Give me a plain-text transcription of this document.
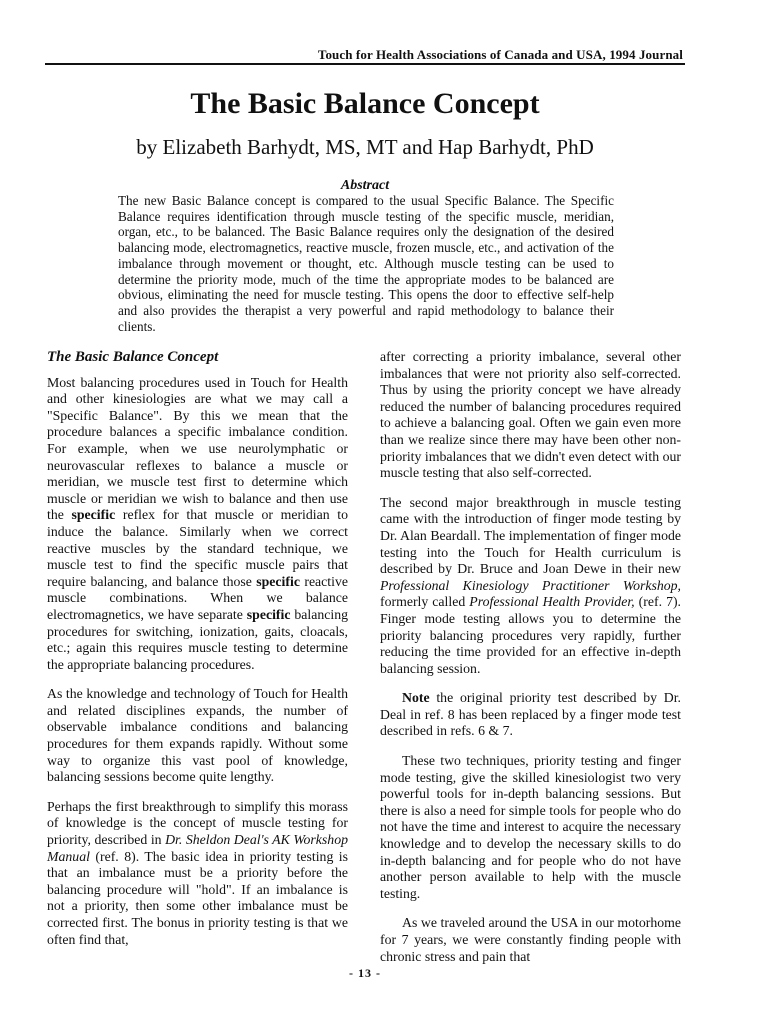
Touch for Health Associations of Canada and USA, 1994 Journal
The Basic Balance Concept
by Elizabeth Barhydt, MS, MT and Hap Barhydt, PhD
Abstract

The new Basic Balance concept is compared to the usual Specific Balance. The Specific Balance requires identification through muscle testing of the specific muscle, meridian, organ, etc., to be balanced. The Basic Balance requires only the designation of the desired balancing mode, electromagnetics, reactive muscle, frozen muscle, etc., and activation of the imbalance through movement or thought, etc. Although muscle testing can be used to determine the priority mode, much of the time the appropriate modes to be balanced are obvious, eliminating the need for muscle testing. This opens the door to effective self-help and also provides the therapist a very powerful and rapid methodology to balance their clients.

The Basic Balance Concept

Most balancing procedures used in Touch for Health and other kinesiologies are what we may call a "Specific Balance". By this we mean that the procedure balances a specific imbalance condition. For example, when we use neurolymphatic or neurovascular reflexes to balance a muscle or meridian, we muscle test first to determine which muscle or meridian we wish to balance and then use the specific reflex for that muscle or meridian to induce the balance. Similarly when we correct reactive muscles by the standard technique, we muscle test to find the specific muscle pairs that require balancing, and balance those specific reactive muscle combinations. When we balance electromagnetics, we have separate specific balancing procedures for switching, ionization, gaits, cloacals, etc.; again this requires muscle testing to determine the appropriate balancing procedures.

As the knowledge and technology of Touch for Health and related disciplines expands, the number of observable imbalance conditions and balancing procedures for them expands rapidly. Without some way to organize this vast pool of knowledge, balancing sessions become quite lengthy.

Perhaps the first breakthrough to simplify this morass of knowledge is the concept of muscle testing for priority, described in Dr. Sheldon Deal's AK Workshop Manual (ref. 8). The basic idea in priority testing is that an imbalance must be a priority before the balancing procedure will "hold". If an imbalance is not a priority, then some other imbalance must be corrected first. The bonus in priority testing is that we often find that,

after correcting a priority imbalance, several other imbalances that were not priority also self-corrected. Thus by using the priority concept we have already reduced the number of balancing procedures required to achieve a balancing goal. Often we gain even more than we realize since there may have been other non-priority imbalances that we didn't even detect with our muscle testing that also self-corrected.

The second major breakthrough in muscle testing came with the introduction of finger mode testing by Dr. Alan Beardall. The implementation of finger mode testing into the Touch for Health curriculum is described by Dr. Bruce and Joan Dewe in their new Professional Kinesiology Practitioner Workshop, formerly called Professional Health Provider, (ref. 7). Finger mode testing allows you to determine the priority balancing procedures very rapidly, further reducing the time provided for an effective in-depth balancing session.

Note the original priority test described by Dr. Deal in ref. 8 has been replaced by a finger mode test described in refs. 6 & 7.

These two techniques, priority testing and finger mode testing, give the skilled kinesiologist two very powerful tools for in-depth balancing sessions. But there is also a need for simple tools for people who do not have the time and interest to acquire the necessary knowledge and to develop the necessary skills to do in-depth balancing and for people who do not have another person available to help with the muscle testing.

As we traveled around the USA in our motorhome for 7 years, we were constantly finding people with chronic stress and pain that

- 13 -
